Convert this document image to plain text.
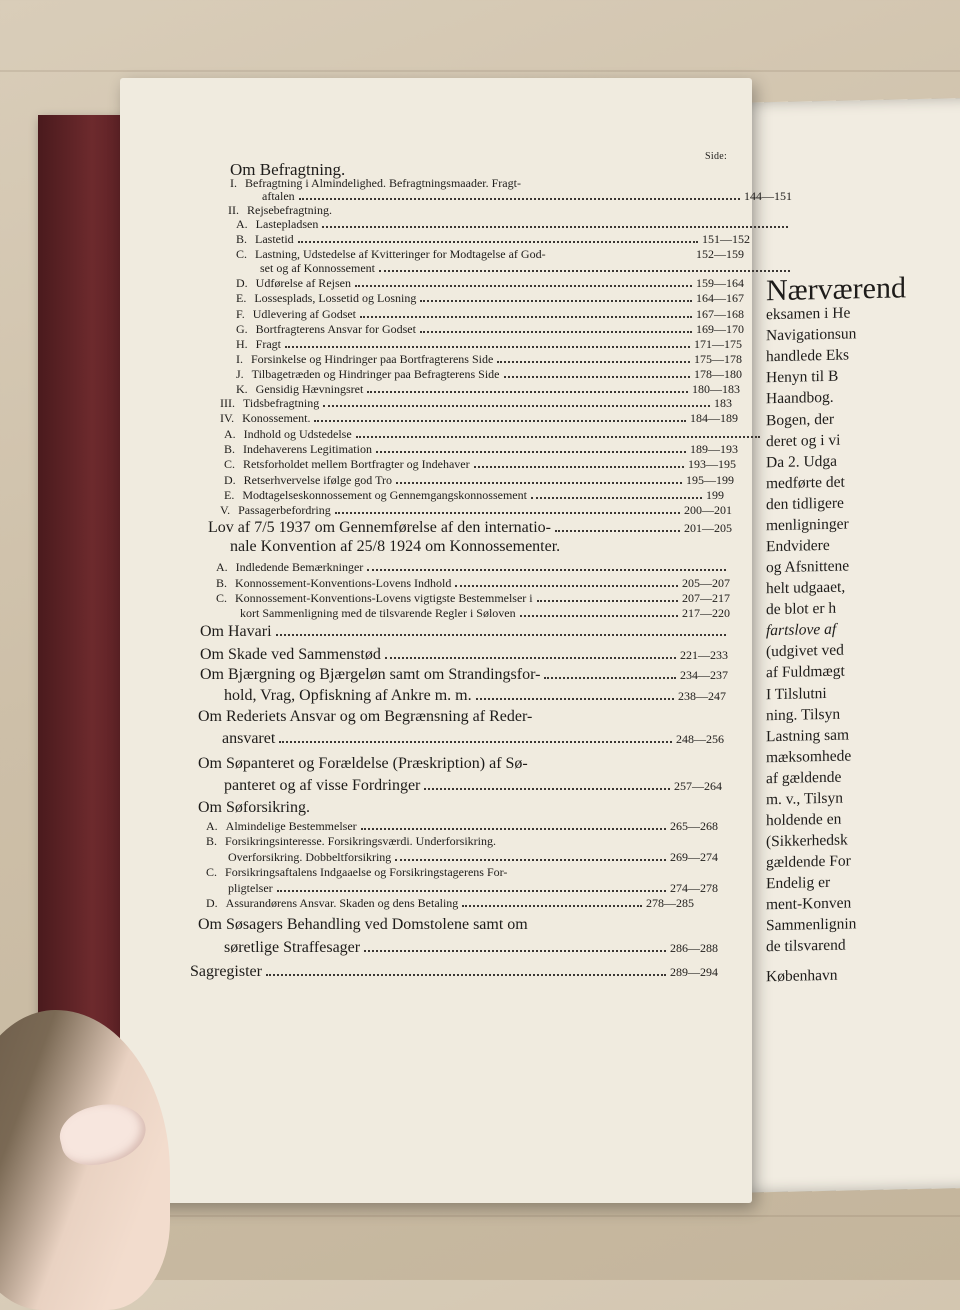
Nærværend
eksamen i He
Navigationsun
handlede Eks
Henyn til B
Haandbog.
Bogen, der
deret og i vi
Da 2. Udga
medførte det
den tidligere
menligninger
Endvidere
og Afsnittene
helt udgaaet,
de blot er h
fartslove af
(udgivet ved
af Fuldmægt
I Tilslutni
ning. Tilsyn
Lastning sam
mæksomhede
af gældende
m. v., Tilsyn
holdende en
(Sikkerhedsk
gældende For
Endelig er
ment-Konven
Sammenlignin
de tilsvarend
København
Side:
Om Befragtning.
I. Befragtning i Almindelighed. Befragtningsmaader. Fragt-
aftalen	144—151
II. Rejsebefragtning.
A. Lastepladsen
B. Lastetid	151—152
C. Lastning, Udstedelse af Kvitteringer for Modtagelse af God-	152—159
set og af Konnossement
D. Udførelse af Rejsen	159—164
E. Lossesplads, Lossetid og Losning	164—167
F. Udlevering af Godset	167—168
G. Bortfragterens Ansvar for Godset	169—170
H. Fragt	171—175
I. Forsinkelse og Hindringer paa Bortfragterens Side	175—178
J. Tilbagetræden og Hindringer paa Befragterens Side	178—180
K. Gensidig Hævningsret	180—183
III. Tidsbefragtning	183
IV. Konossement.	184—189
A. Indhold og Udstedelse
B. Indehaverens Legitimation	189—193
C. Retsforholdet mellem Bortfragter og Indehaver	193—195
D. Retserhvervelse ifølge god Tro	195—199
E. Modtagelseskonnossement og Gennemgangskonnossement	199
V. Passagerbefordring	200—201
Lov af 7/5 1937 om Gennemførelse af den internatio-	201—205
nale Konvention af 25/8 1924 om Konnossementer.
A. Indledende Bemærkninger
B. Konnossement-Konventions-Lovens Indhold	205—207
C. Konnossement-Konventions-Lovens vigtigste Bestemmelser i	207—217
kort Sammenligning med de tilsvarende Regler i Søloven	217—220
Om Havari
Om Skade ved Sammenstød	221—233
Om Bjærgning og Bjærgeløn samt om Strandingsfor-	234—237
hold, Vrag, Opfiskning af Ankre m. m.	238—247
Om Rederiets Ansvar og om Begrænsning af Reder-
ansvaret	248—256
Om Søpanteret og Forældelse (Præskription) af Sø-
panteret og af visse Fordringer	257—264
Om Søforsikring.
A. Almindelige Bestemmelser	265—268
B. Forsikringsinteresse. Forsikringsværdi. Underforsikring.
Overforsikring. Dobbeltforsikring	269—274
C. Forsikringsaftalens Indgaaelse og Forsikringstagerens For-
pligtelser	274—278
D. Assurandørens Ansvar. Skaden og dens Betaling	278—285
Om Søsagers Behandling ved Domstolene samt om
søretlige Straffesager	286—288
Sagregister	289—294
